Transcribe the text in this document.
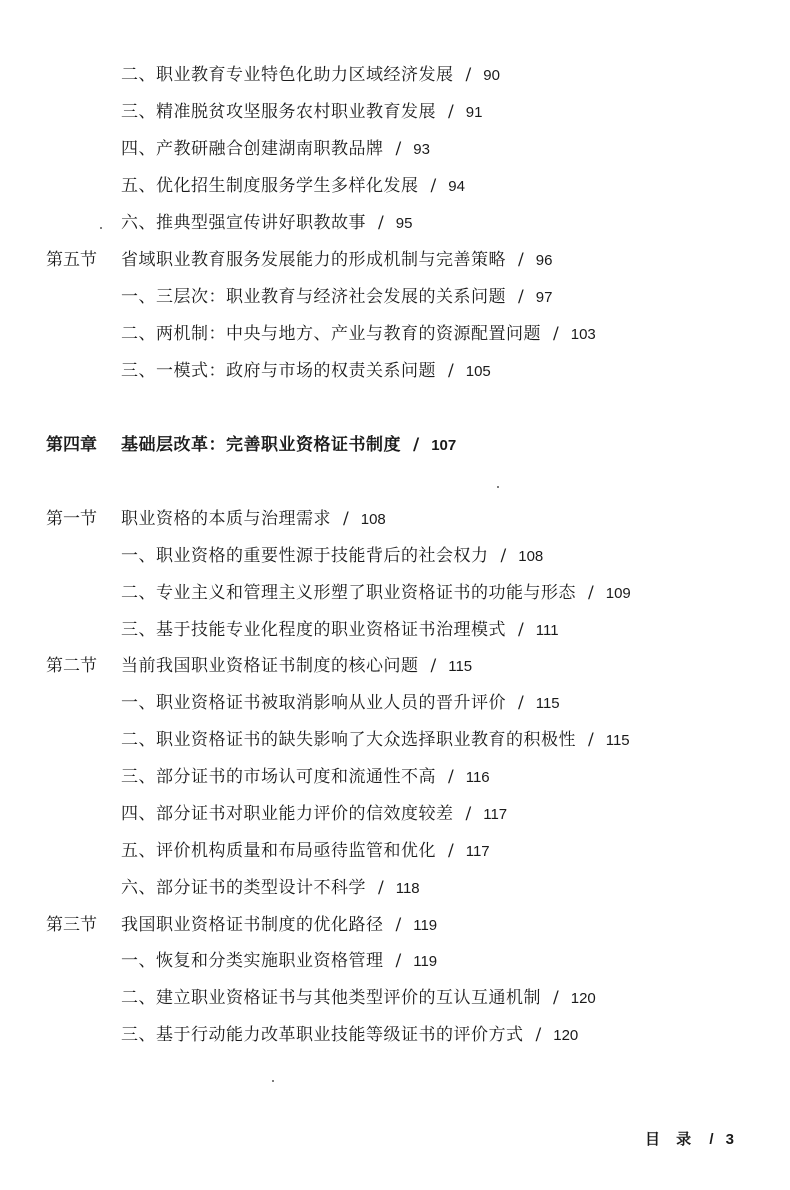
二、职业教育专业特色化助力区域经济发展 / 90
三、精准脱贫攻坚服务农村职业教育发展 / 91
四、产教研融合创建湖南职教品牌 / 93
五、优化招生制度服务学生多样化发展 / 94
六、推典型强宣传讲好职教故事 / 95
第五节 省域职业教育服务发展能力的形成机制与完善策略 / 96
一、三层次：职业教育与经济社会发展的关系问题 / 97
二、两机制：中央与地方、产业与教育的资源配置问题 / 103
三、一模式：政府与市场的权责关系问题 / 105
第四章 基础层改革：完善职业资格证书制度 / 107
第一节 职业资格的本质与治理需求 / 108
一、职业资格的重要性源于技能背后的社会权力 / 108
二、专业主义和管理主义形塑了职业资格证书的功能与形态 / 109
三、基于技能专业化程度的职业资格证书治理模式 / 111
第二节 当前我国职业资格证书制度的核心问题 / 115
一、职业资格证书被取消影响从业人员的晋升评价 / 115
二、职业资格证书的缺失影响了大众选择职业教育的积极性 / 115
三、部分证书的市场认可度和流通性不高 / 116
四、部分证书对职业能力评价的信效度较差 / 117
五、评价机构质量和布局亟待监管和优化 / 117
六、部分证书的类型设计不科学 / 118
第三节 我国职业资格证书制度的优化路径 / 119
一、恢复和分类实施职业资格管理 / 119
二、建立职业资格证书与其他类型评价的互认互通机制 / 120
三、基于行动能力改革职业技能等级证书的评价方式 / 120
目 录 / 3
